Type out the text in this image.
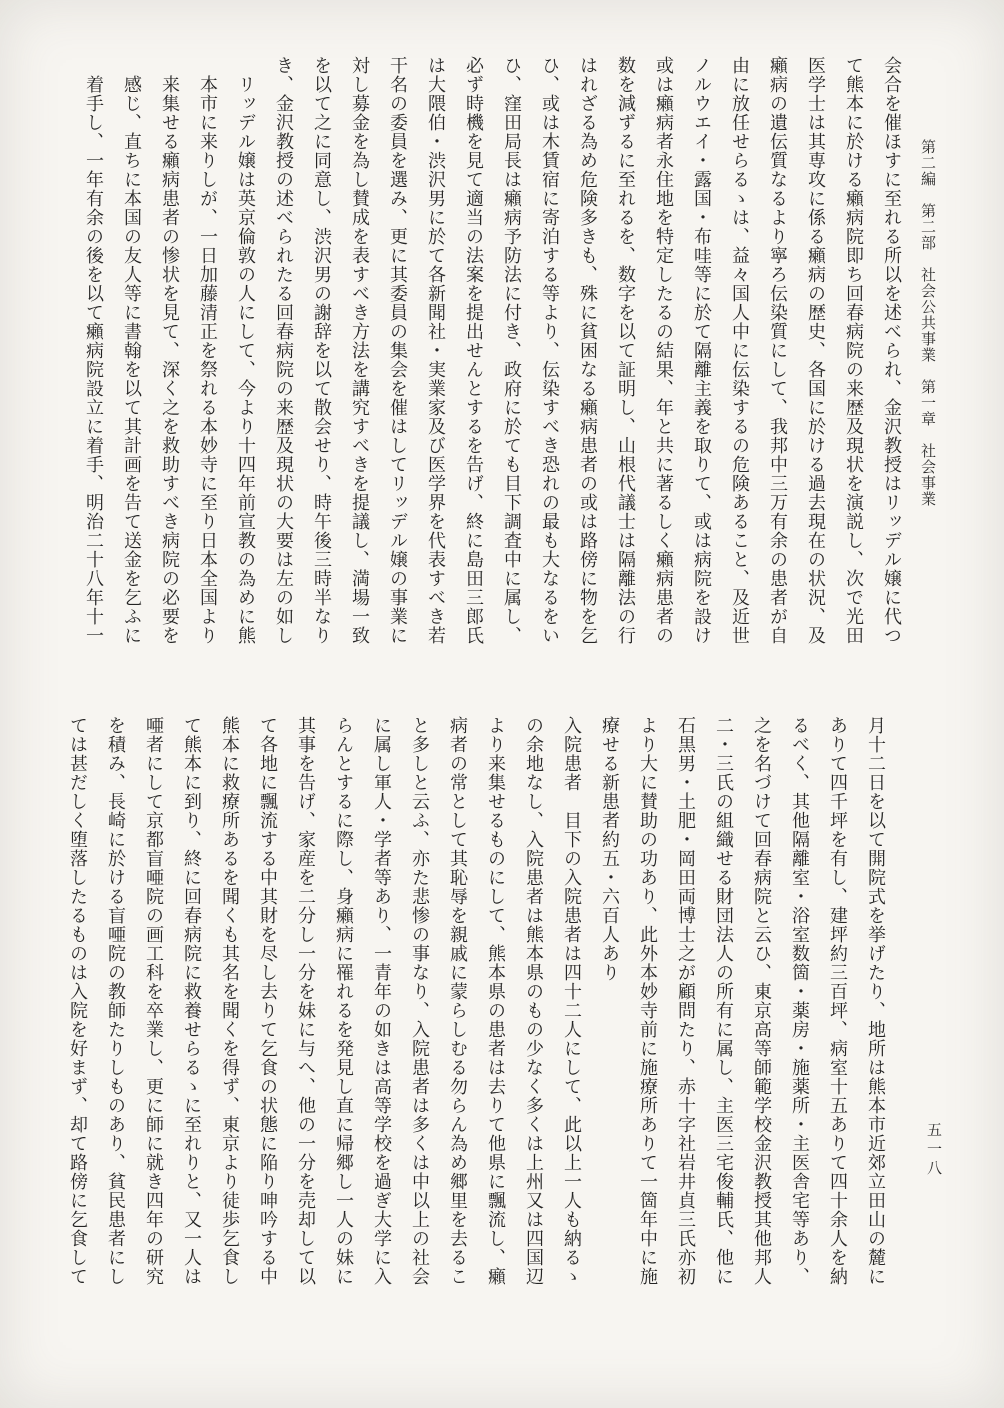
第二編　第二部　社会公共事業　第一章　社会事業
会合を催ほすに至れる所以を述べられ、金沢教授はリッデル嬢に代つ
て熊本に於ける癩病院即ち回春病院の来歴及現状を演説し、次で光田
医学士は其専攻に係る癩病の歴史、各国に於ける過去現在の状況、及
癩病の遺伝質なるより寧ろ伝染質にして、我邦中三万有余の患者が自
由に放任せらるゝは、益々国人中に伝染するの危険あること、及近世
ノルウエイ・露国・布哇等に於て隔離主義を取りて、或は病院を設け
或は癩病者永住地を特定したるの結果、年と共に著るしく癩病患者の
数を減ずるに至れるを、数字を以て証明し、山根代議士は隔離法の行
はれざる為め危険多きも、殊に貧困なる癩病患者の或は路傍に物を乞
ひ、或は木賃宿に寄泊する等より、伝染すべき恐れの最も大なるをい
ひ、窪田局長は癩病予防法に付き、政府に於ても目下調査中に属し、
必ず時機を見て適当の法案を提出せんとするを告げ、終に島田三郎氏
は大隈伯・渋沢男に於て各新聞社・実業家及び医学界を代表すべき若
干名の委員を選み、更に其委員の集会を催はしてリッデル嬢の事業に
対し募金を為し賛成を表すべき方法を講究すべきを提議し、満場一致
を以て之に同意し、渋沢男の謝辞を以て散会せり、時午後三時半なり
き、金沢教授の述べられたる回春病院の来歴及現状の大要は左の如し
リッデル嬢は英京倫敦の人にして、今より十四年前宣教の為めに熊
本市に来りしが、一日加藤清正を祭れる本妙寺に至り日本全国より
来集せる癩病患者の惨状を見て、深く之を救助すべき病院の必要を
感じ、直ちに本国の友人等に書翰を以て其計画を告て送金を乞ふに
着手し、一年有余の後を以て癩病院設立に着手、明治二十八年十一
月十二日を以て開院式を挙げたり、地所は熊本市近郊立田山の麓に
ありて四千坪を有し、建坪約三百坪、病室十五ありて四十余人を納
るべく、其他隔離室・浴室数箇・薬房・施薬所・主医舎宅等あり、
之を名づけて回春病院と云ひ、東京高等師範学校金沢教授其他邦人
二・三氏の組織せる財団法人の所有に属し、主医三宅俊輔氏、他に
石黒男・土肥・岡田両博士之が顧問たり、赤十字社岩井貞三氏亦初
より大に賛助の功あり、此外本妙寺前に施療所ありて一箇年中に施
療せる新患者約五・六百人あり
入院患者　目下の入院患者は四十二人にして、此以上一人も納るゝ
の余地なし、入院患者は熊本県のもの少なく多くは上州又は四国辺
より来集せるものにして、熊本県の患者は去りて他県に飄流し、癩
病者の常として其恥辱を親戚に蒙らしむる勿らん為め郷里を去るこ
と多しと云ふ、亦た悲惨の事なり、入院患者は多くは中以上の社会
に属し軍人・学者等あり、一青年の如きは高等学校を過ぎ大学に入
らんとするに際し、身癩病に罹れるを発見し直に帰郷し一人の妹に
其事を告げ、家産を二分し一分を妹に与へ、他の一分を売却して以
て各地に飄流する中其財を尽し去りて乞食の状態に陥り呻吟する中
熊本に救療所あるを聞くも其名を聞くを得ず、東京より徒歩乞食し
て熊本に到り、終に回春病院に救養せらるゝに至れりと、又一人は
唖者にして京都盲唖院の画工科を卒業し、更に師に就き四年の研究
を積み、長崎に於ける盲唖院の教師たりしものあり、貧民患者にし
ては甚だしく堕落したるものは入院を好まず、却て路傍に乞食して	五一八
